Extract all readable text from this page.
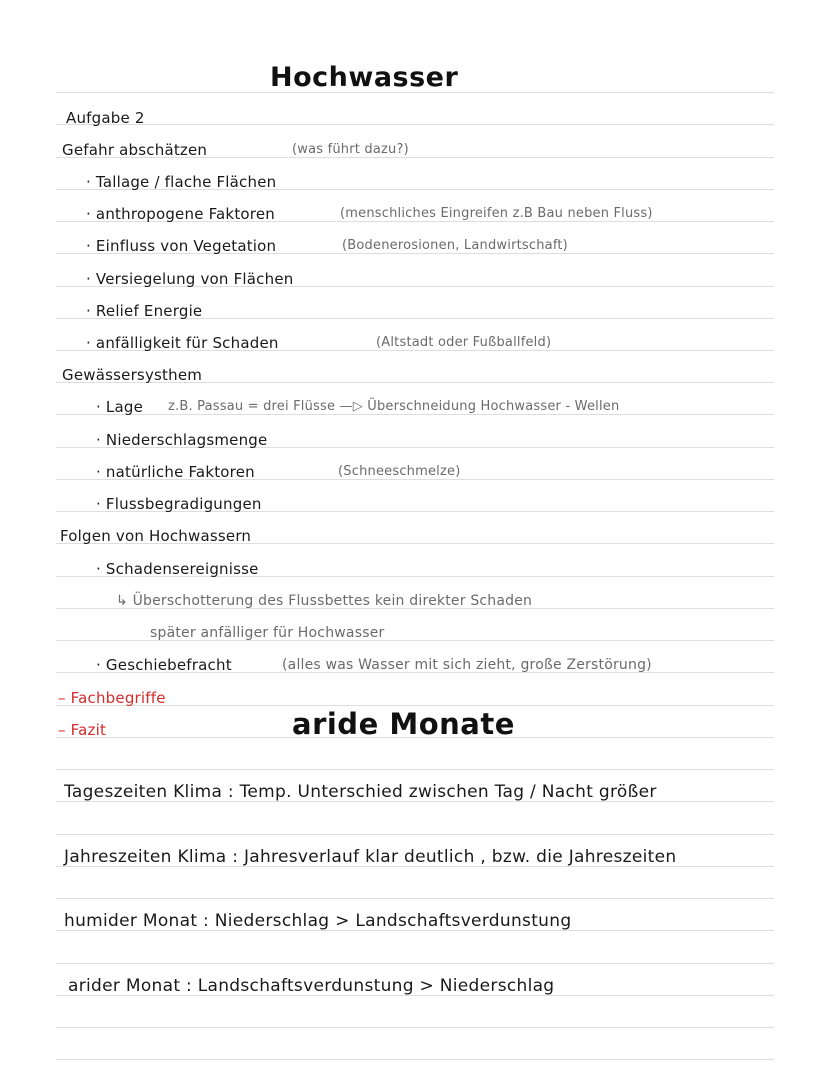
Hochwasser
Aufgabe 2
Gefahr abschätzen	(was führt dazu?)
· Tallage / flache Flächen
· anthropogene Faktoren	(menschliches Eingreifen z.B Bau neben Fluss)
· Einfluss von Vegetation	(Bodenerosionen, Landwirtschaft)
· Versiegelung von Flächen
· Relief Energie
· anfälligkeit für Schaden	(Altstadt oder Fußballfeld)
Gewässersysthem
· Lage z.B. Passau = drei Flüsse —▷ Überschneidung Hochwasser - Wellen
· Niederschlagsmenge
· natürliche Faktoren	(Schneeschmelze)
· Flussbegradigungen
Folgen von Hochwassern
· Schadensereignisse
↳ Überschotterung des Flussbettes kein direkter Schaden
später anfälliger für Hochwasser
· Geschiebefracht	(alles was Wasser mit sich zieht, große Zerstörung)
– Fachbegriffe
– Fazit	aride Monate
Tageszeiten Klima : Temp. Unterschied zwischen Tag / Nacht größer
Jahreszeiten Klima : Jahresverlauf klar deutlich , bzw. die Jahreszeiten
humider Monat : Niederschlag > Landschaftsverdunstung
arider Monat : Landschaftsverdunstung > Niederschlag
